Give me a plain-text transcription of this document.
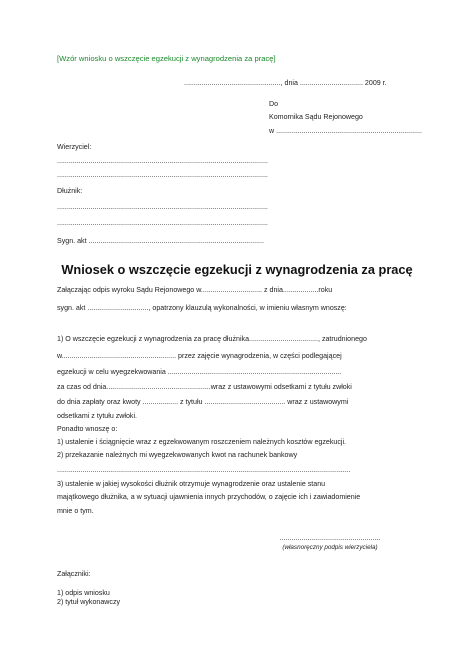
[Wzór wniosku o wszczęcie egzekucji z wynagrodzenia za pracę]
................................................., dnia ................................ 2009 r.
Do
Komornika Sądu Rejonowego
w ..........................................................................
Wierzyciel:
...........................................................................................................
...........................................................................................................
Dłużnik:
...........................................................................................................
...........................................................................................................
Sygn. akt .........................................................................................
Wniosek o wszczęcie egzekucji z wynagrodzenia za pracę
Załączając odpis wyroku Sądu Rejonowego w............................... z dnia..................roku
sygn. akt ..............................., opatrzony klauzulą wykonalności, w imieniu własnym wnoszę:
1) O wszczęcie egzekucji z wynagrodzenia za pracę dłużnika..................................., zatrudnionego
w.......................................................... przez zajęcie wynagrodzenia, w części podlegającej
egzekucji w celu wyegzekwowania ........................................................................................
za czas od dnia.....................................................wraz z ustawowymi odsetkami z tytułu zwłoki
do dnia zapłaty oraz kwoty .................. z tytułu ......................................... wraz z ustawowymi
odsetkami z tytułu zwłoki.
Ponadto wnoszę o:
1) ustalenie i ściągnięcie wraz z egzekwowanym roszczeniem należnych kosztów egzekucji.
2) przekazanie należnych mi wyegzekwowanych kwot na rachunek bankowy
.....................................................................................................................................................
3) ustalenie w jakiej wysokości dłużnik otrzymuje wynagrodzenie oraz ustalenie stanu
majątkowego dłużnika, a w sytuacji ujawnienia innych przychodów, o zajęcie ich i zawiadomienie
mnie o tym.
...................................................
(własnoręczny podpis wierzyciela)
Załączniki:
1) odpis wniosku
2) tytuł wykonawczy
